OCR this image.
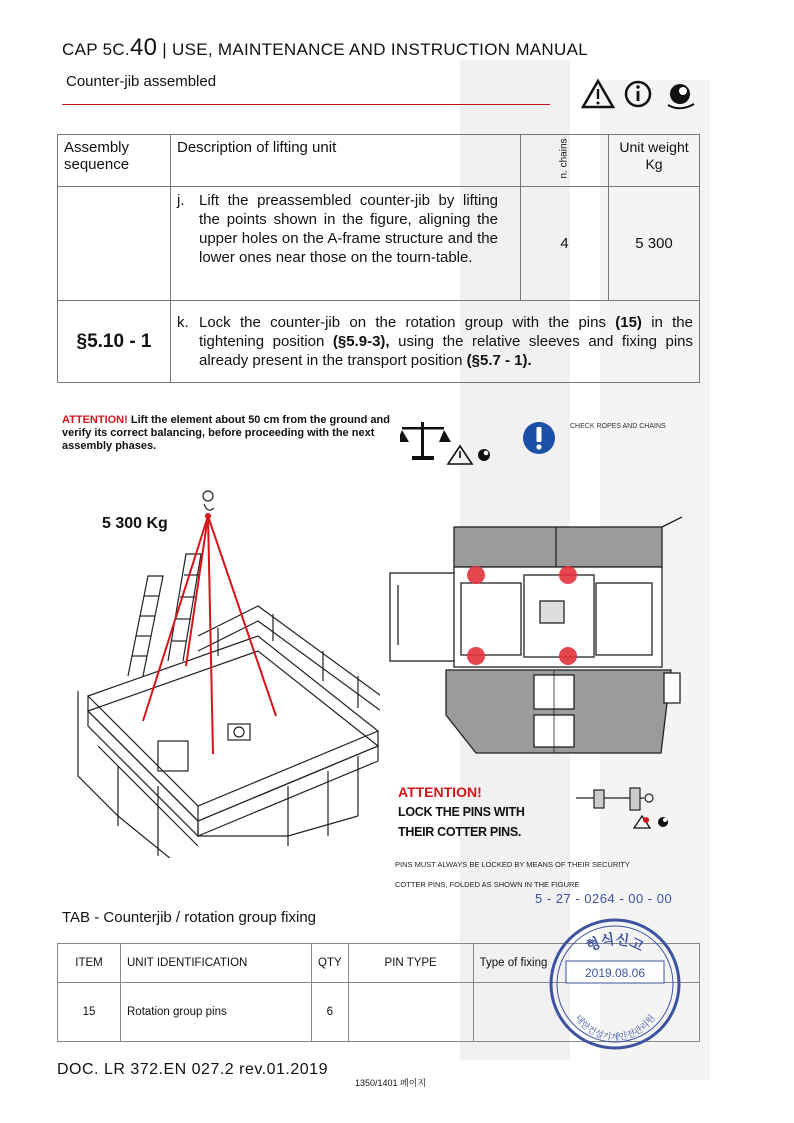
CAP 5C.40 | USE, MAINTENANCE AND INSTRUCTION MANUAL
Counter-jib assembled
Assembly sequence	Description of lifting unit	n. chains	Unit weight Kg

	j. Lift the preassembled counter-jib by lifting the points shown in the figure, aligning the upper holes on the A-frame structure and the lower ones near those on the tourn-table.	4	5 300
§5.10 - 1	k. Lock the counter-jib on the rotation group with the pins (15) in the tightening position (§5.9-3), using the relative sleeves and fixing pins already present in the transport position (§5.7 - 1).		
ATTENTION! Lift the element about 50 cm from the ground and verify its correct balancing, before proceeding with the next assembly phases.
CHECK ROPES AND CHAINS
5 300 Kg
ATTENTION!
LOCK THE PINS WITH
THEIR COTTER PINS.
PINS MUST ALWAYS BE LOCKED BY MEANS OF THEIR SECURITY
COTTER PINS, FOLDED AS SHOWN IN THE FIGURE
5 - 27 - 0264 - 00 - 00
TAB - Counterjib / rotation group fixing
ITEM	UNIT IDENTIFICATION	QTY	PIN TYPE	Type of fixing
15	Rotation group pins	6		
형식신고
2019.08.06
대한건설기계안전관리원
DOC. LR 372.EN 027.2 rev.01.2019
1350/1401 페이지
